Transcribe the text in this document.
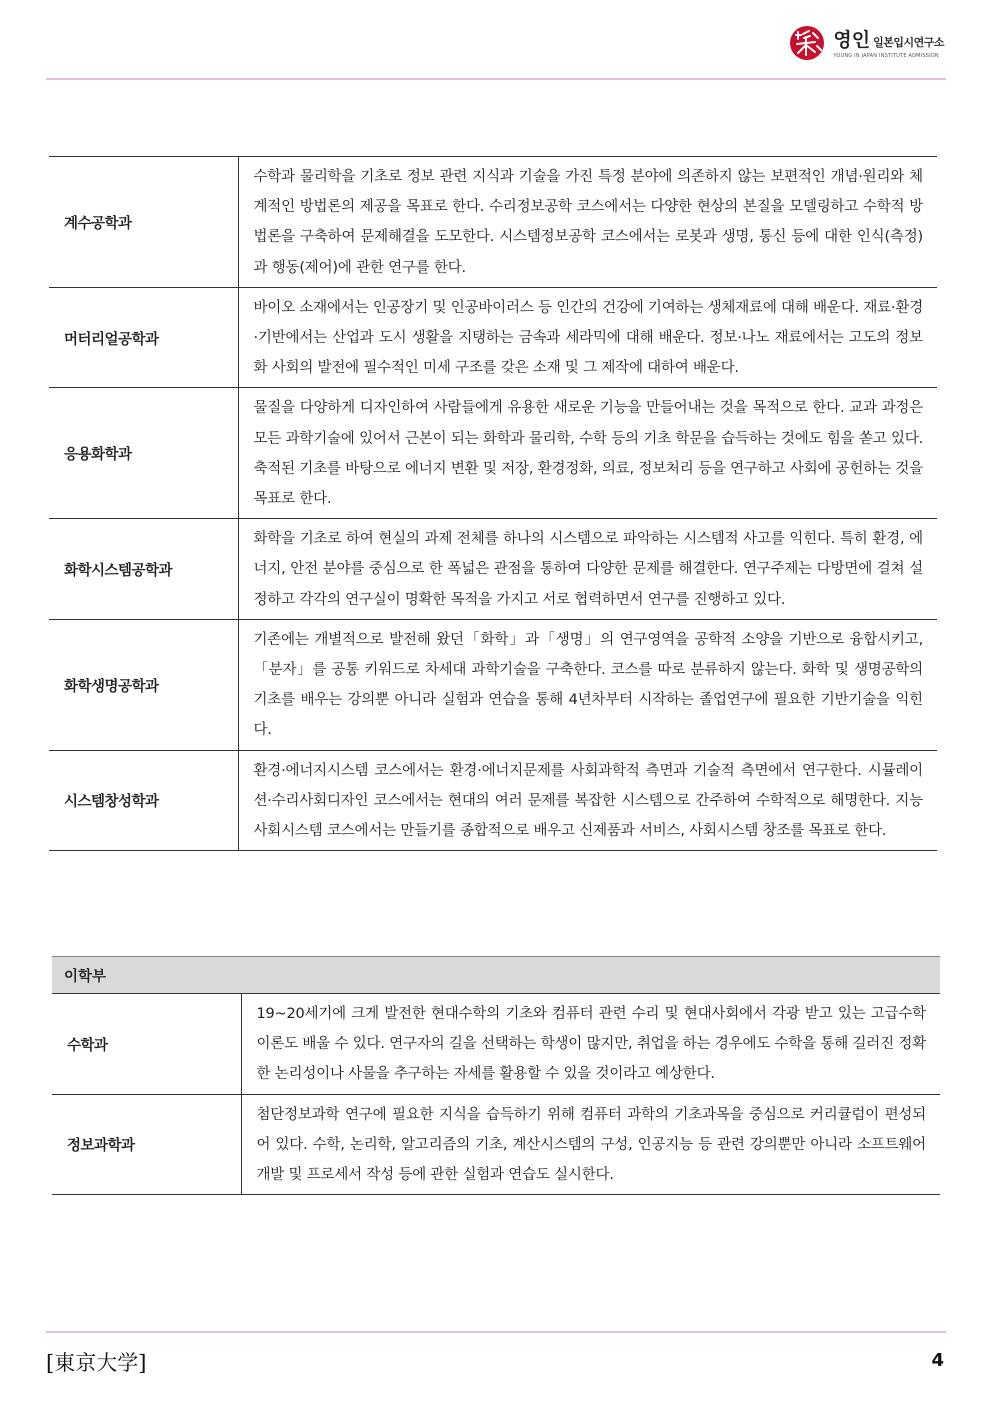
영인 일본입시연구소
YOUNG IN JAPAN INSTITUTE ADMISSION
계수공학과	수학과 물리학을 기초로 정보 관련 지식과 기술을 가진 특정 분야에 의존하지 않는 보편적인 개념·원리와 체계적인 방법론의 제공을 목표로 한다. 수리정보공학 코스에서는 다양한 현상의 본질을 모델링하고 수학적 방법론을 구축하여 문제해결을 도모한다. 시스템정보공학 코스에서는 로봇과 생명, 통신 등에 대한 인식(측정)과 행동(제어)에 관한 연구를 한다.
머터리얼공학과	바이오 소재에서는 인공장기 및 인공바이러스 등 인간의 건강에 기여하는 생체재료에 대해 배운다. 재료·환경·기반에서는 산업과 도시 생활을 지탱하는 금속과 세라믹에 대해 배운다. 정보·나노 재료에서는 고도의 정보화 사회의 발전에 필수적인 미세 구조를 갖은 소재 및 그 제작에 대하여 배운다.
응용화학과	물질을 다양하게 디자인하여 사람들에게 유용한 새로운 기능을 만들어내는 것을 목적으로 한다. 교과 과정은 모든 과학기술에 있어서 근본이 되는 화학과 물리학, 수학 등의 기초 학문을 습득하는 것에도 힘을 쏟고 있다. 축적된 기초를 바탕으로 에너지 변환 및 저장, 환경정화, 의료, 정보처리 등을 연구하고 사회에 공헌하는 것을 목표로 한다.
화학시스템공학과	화학을 기초로 하여 현실의 과제 전체를 하나의 시스템으로 파악하는 시스템적 사고를 익힌다. 특히 환경, 에너지, 안전 분야를 중심으로 한 폭넓은 관점을 통하여 다양한 문제를 해결한다. 연구주제는 다방면에 걸쳐 설정하고 각각의 연구실이 명확한 목적을 가지고 서로 협력하면서 연구를 진행하고 있다.
화학생명공학과	기존에는 개별적으로 발전해 왔던「화학」과「생명」의 연구영역을 공학적 소양을 기반으로 융합시키고,「분자」를 공통 키워드로 차세대 과학기술을 구축한다. 코스를 따로 분류하지 않는다. 화학 및 생명공학의 기초를 배우는 강의뿐 아니라 실험과 연습을 통해 4년차부터 시작하는 졸업연구에 필요한 기반기술을 익힌다.
시스템창성학과	환경·에너지시스템 코스에서는 환경·에너지문제를 사회과학적 측면과 기술적 측면에서 연구한다. 시뮬레이션·수리사회디자인 코스에서는 현대의 여러 문제를 복잡한 시스템으로 간주하여 수학적으로 해명한다. 지능사회시스템 코스에서는 만들기를 종합적으로 배우고 신제품과 서비스, 사회시스템 창조를 목표로 한다.
이학부	
수학과	19~20세기에 크게 발전한 현대수학의 기초와 컴퓨터 관련 수리 및 현대사회에서 각광 받고 있는 고급수학 이론도 배울 수 있다. 연구자의 길을 선택하는 학생이 많지만, 취업을 하는 경우에도 수학을 통해 길러진 정확한 논리성이나 사물을 추구하는 자세를 활용할 수 있을 것이라고 예상한다.
정보과학과	첨단정보과학 연구에 필요한 지식을 습득하기 위해 컴퓨터 과학의 기초과목을 중심으로 커리큘럼이 편성되어 있다. 수학, 논리학, 알고리즘의 기초, 계산시스템의 구성, 인공지능 등 관련 강의뿐만 아니라 소프트웨어 개발 및 프로세서 작성 등에 관한 실험과 연습도 실시한다.
[東京大学]	4
